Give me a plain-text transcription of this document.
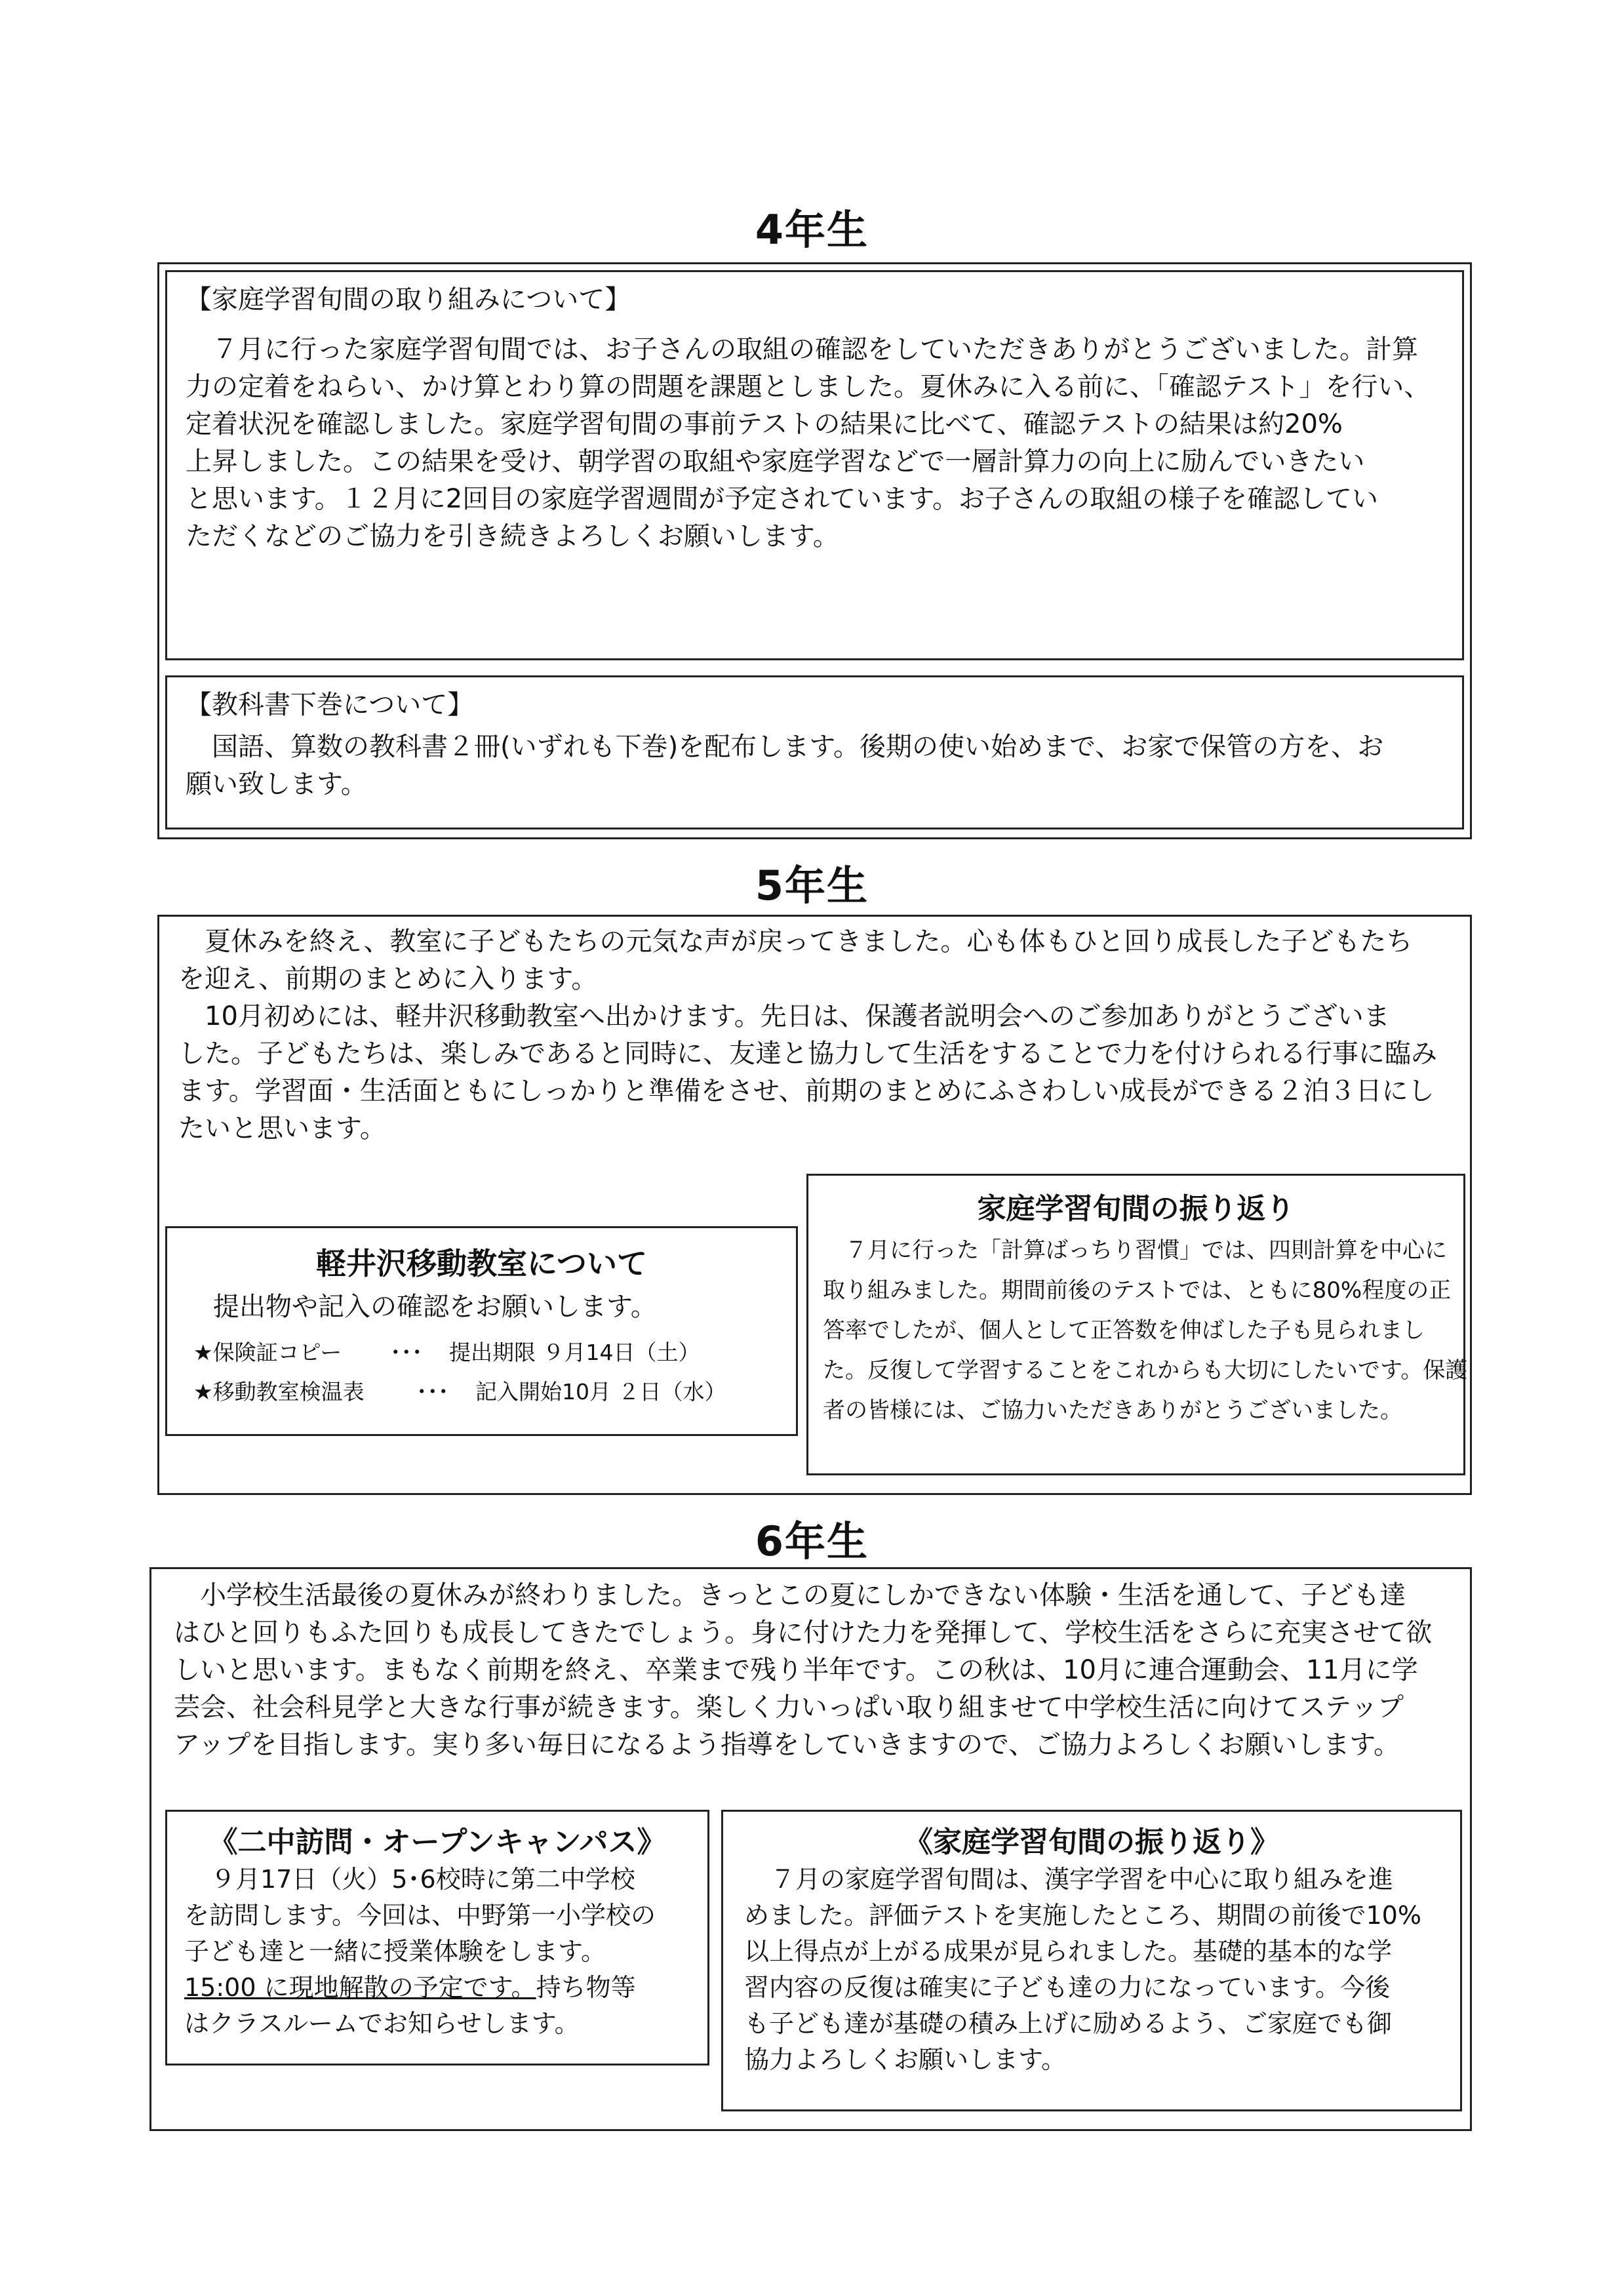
4年生
【家庭学習旬間の取り組みについて】

７月に行った家庭学習旬間では、お子さんの取組の確認をしていただきありがとうございました。計算

力の定着をねらい、かけ算とわり算の問題を課題としました。夏休みに入る前に、「確認テスト」を行い、

定着状況を確認しました。家庭学習旬間の事前テストの結果に比べて、確認テストの結果は約20%

上昇しました。この結果を受け、朝学習の取組や家庭学習などで一層計算力の向上に励んでいきたい

と思います。１２月に2回目の家庭学習週間が予定されています。お子さんの取組の様子を確認してい

ただくなどのご協力を引き続きよろしくお願いします。

【教科書下巻について】

国語、算数の教科書２冊(いずれも下巻)を配布します。後期の使い始めまで、お家で保管の方を、お

願い致します。

5年生

夏休みを終え、教室に子どもたちの元気な声が戻ってきました。心も体もひと回り成長した子どもたち

を迎え、前期のまとめに入ります。

10月初めには、軽井沢移動教室へ出かけます。先日は、保護者説明会へのご参加ありがとうございま

した。子どもたちは、楽しみであると同時に、友達と協力して生活をすることで力を付けられる行事に臨み

ます。学習面・生活面ともにしっかりと準備をさせ、前期のまとめにふさわしい成長ができる２泊３日にし

たいと思います。

軽井沢移動教室について
提出物や記入の確認をお願いします。
★保険証コピー ･･･ 提出期限 ９月14日（土）
★移動教室検温表 ･･･ 記入開始10月 ２日（水）
家庭学習旬間の振り返り

７月に行った「計算ばっちり習慣」では、四則計算を中心に

取り組みました。期間前後のテストでは、ともに80%程度の正

答率でしたが、個人として正答数を伸ばした子も見られまし

た。反復して学習することをこれからも大切にしたいです。保護

者の皆様には、ご協力いただきありがとうございました。

6年生

小学校生活最後の夏休みが終わりました。きっとこの夏にしかできない体験・生活を通して、子ども達

はひと回りもふた回りも成長してきたでしょう。身に付けた力を発揮して、学校生活をさらに充実させて欲

しいと思います。まもなく前期を終え、卒業まで残り半年です。この秋は、10月に連合運動会、11月に学

芸会、社会科見学と大きな行事が続きます。楽しく力いっぱい取り組ませて中学校生活に向けてステップ

アップを目指します。実り多い毎日になるよう指導をしていきますので、ご協力よろしくお願いします。

《二中訪問・オープンキャンパス》

９月17日（火）5･6校時に第二中学校

を訪問します。今回は、中野第一小学校の

子ども達と一緒に授業体験をします。

15:00 に現地解散の予定です。持ち物等

はクラスルームでお知らせします。

《家庭学習旬間の振り返り》

７月の家庭学習旬間は、漢字学習を中心に取り組みを進

めました。評価テストを実施したところ、期間の前後で10%

以上得点が上がる成果が見られました。基礎的基本的な学

習内容の反復は確実に子ども達の力になっています。今後

も子ども達が基礎の積み上げに励めるよう、ご家庭でも御

協力よろしくお願いします。
